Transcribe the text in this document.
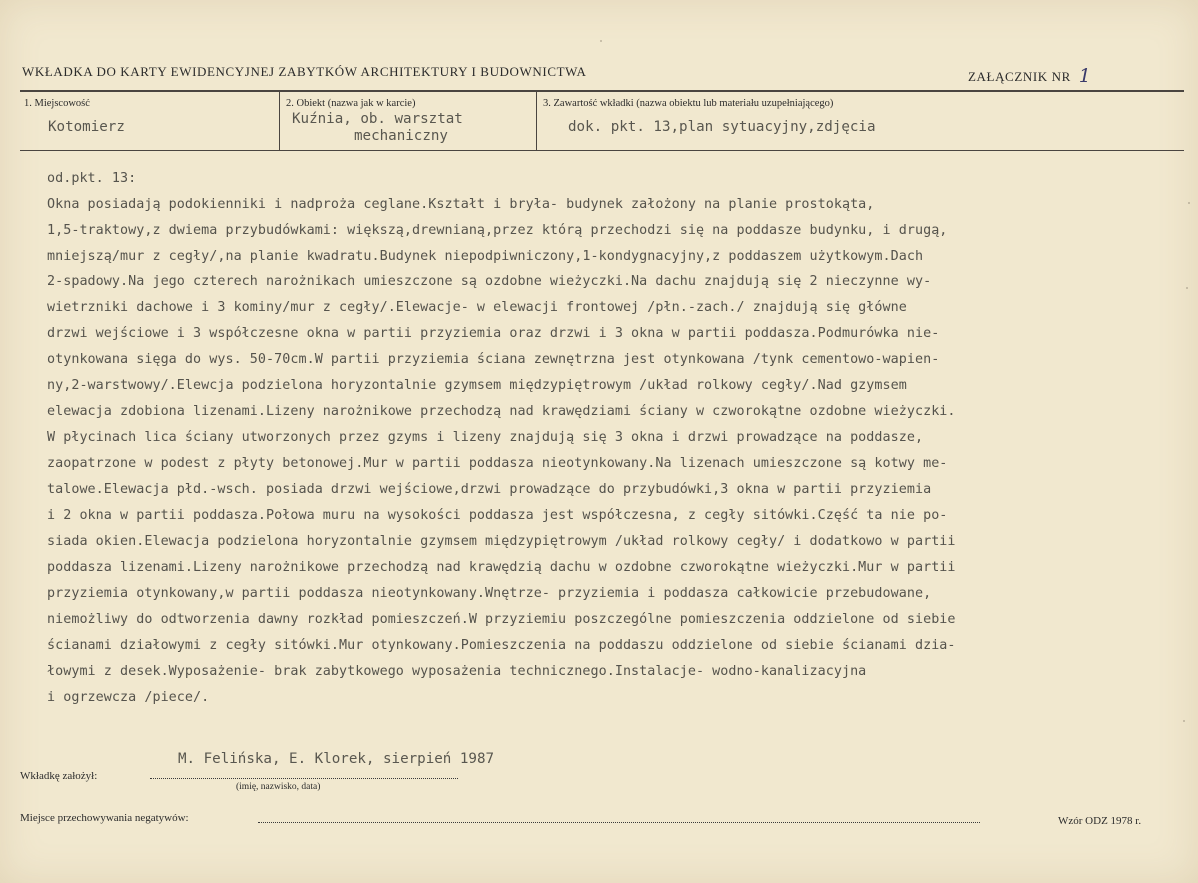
WKŁADKA DO KARTY EWIDENCYJNEJ ZABYTKÓW ARCHITEKTURY I BUDOWNICTWA	ZAŁĄCZNIK NR 1
1. Miejscowość
Kotomierz
2. Obiekt (nazwa jak w karcie)
Kuźnia, ob. warsztat
mechaniczny
3. Zawartość wkładki (nazwa obiektu lub materiału uzupełniającego)
dok. pkt. 13,plan sytuacyjny,zdjęcia
od.pkt. 13:
Okna posiadają podokienniki i nadproża ceglane.Kształt i bryła- budynek założony na planie prostokąta,
1,5-traktowy,z dwiema przybudówkami: większą,drewnianą,przez którą przechodzi się na poddasze budynku, i drugą,
mniejszą/mur z cegły/,na planie kwadratu.Budynek niepodpiwniczony,1-kondygnacyjny,z poddaszem użytkowym.Dach
2-spadowy.Na jego czterech narożnikach umieszczone są ozdobne wieżyczki.Na dachu znajdują się 2 nieczynne wy-
wietrzniki dachowe i 3 kominy/mur z cegły/.Elewacje- w elewacji frontowej /płn.-zach./ znajdują się główne
drzwi wejściowe i 3 współczesne okna w partii przyziemia oraz drzwi i 3 okna w partii poddasza.Podmurówka nie-
otynkowana sięga do wys. 50-70cm.W partii przyziemia ściana zewnętrzna jest otynkowana /tynk cementowo-wapien-
ny,2-warstwowy/.Elewcja podzielona horyzontalnie gzymsem międzypiętrowym /układ rolkowy cegły/.Nad gzymsem
elewacja zdobiona lizenami.Lizeny narożnikowe przechodzą nad krawędziami ściany w czworokątne ozdobne wieżyczki.
W płycinach lica ściany utworzonych przez gzyms i lizeny znajdują się 3 okna i drzwi prowadzące na poddasze,
zaopatrzone w podest z płyty betonowej.Mur w partii poddasza nieotynkowany.Na lizenach umieszczone są kotwy me-
talowe.Elewacja płd.-wsch. posiada drzwi wejściowe,drzwi prowadzące do przybudówki,3 okna w partii przyziemia
i 2 okna w partii poddasza.Połowa muru na wysokości poddasza jest współczesna, z cegły sitówki.Część ta nie po-
siada okien.Elewacja podzielona horyzontalnie gzymsem międzypiętrowym /układ rolkowy cegły/ i dodatkowo w partii
poddasza lizenami.Lizeny narożnikowe przechodzą nad krawędzią dachu w ozdobne czworokątne wieżyczki.Mur w partii
przyziemia otynkowany,w partii poddasza nieotynkowany.Wnętrze- przyziemia i poddasza całkowicie przebudowane,
niemożliwy do odtworzenia dawny rozkład pomieszczeń.W przyziemiu poszczególne pomieszczenia oddzielone od siebie
ścianami działowymi z cegły sitówki.Mur otynkowany.Pomieszczenia na poddaszu oddzielone od siebie ścianami dzia-
łowymi z desek.Wyposażenie- brak zabytkowego wyposażenia technicznego.Instalacje- wodno-kanalizacyjna
i ogrzewcza /piece/.
M. Felińska, E. Klorek, sierpień 1987
Wkładkę założył:
(imię, nazwisko, data)
Miejsce przechowywania negatywów:	Wzór ODZ 1978 r.
